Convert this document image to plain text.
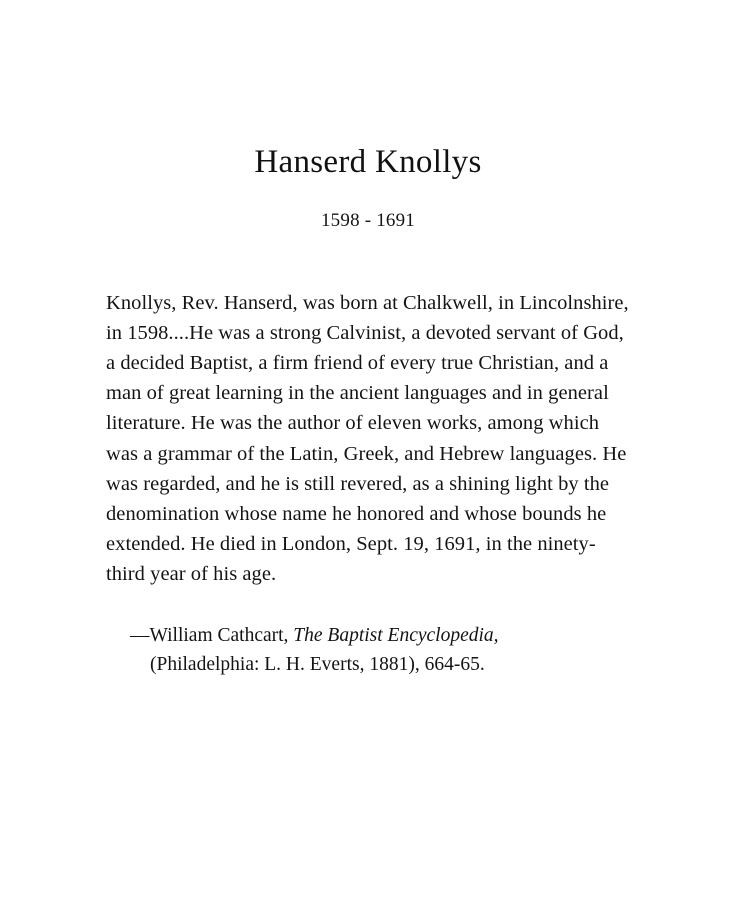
Hanserd Knollys

1598 - 1691

Knollys, Rev. Hanserd, was born at Chalkwell, in Lincolnshire, in 1598....He was a strong Calvinist, a devoted servant of God, a decided Baptist, a firm friend of every true Christian, and a man of great learning in the ancient languages and in general literature. He was the author of eleven works, among which was a grammar of the Latin, Greek, and Hebrew languages. He was regarded, and he is still revered, as a shining light by the denomination whose name he honored and whose bounds he extended. He died in London, Sept. 19, 1691, in the ninety-third year of his age.

—William Cathcart, The Baptist Encyclopedia,
(Philadelphia: L. H. Everts, 1881), 664-65.
